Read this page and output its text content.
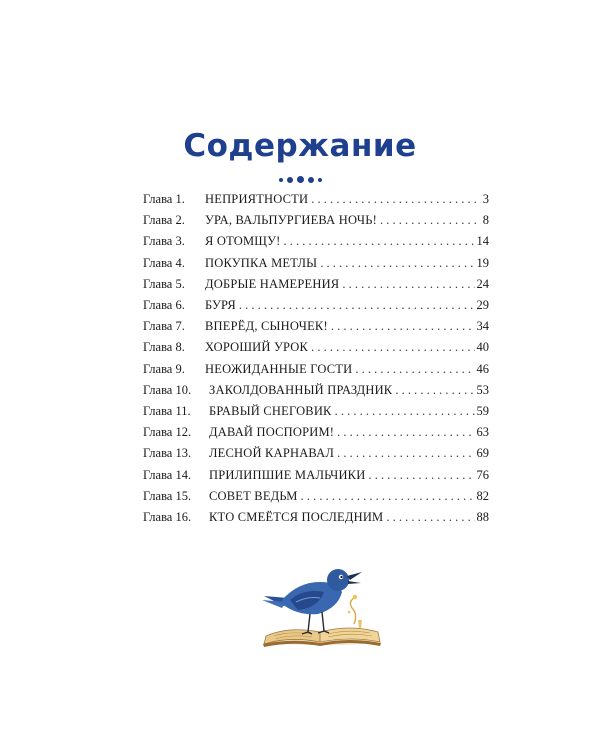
Содержание
Глава 1.	НЕПРИЯТНОСТИ . . .	3
Глава 2.	УРА, ВАЛЬПУРГИЕВА НОЧЬ! . . .	8
Глава 3.	Я ОТОМЩУ! . . .	14
Глава 4.	ПОКУПКА МЕТЛЫ . . .	19
Глава 5.	ДОБРЫЕ НАМЕРЕНИЯ . . .	24
Глава 6.	БУРЯ . . .	29
Глава 7.	ВПЕРЁД, СЫНОЧЕК! . . .	34
Глава 8.	ХОРОШИЙ УРОК . . .	40
Глава 9.	НЕОЖИДАННЫЕ ГОСТИ . . .	46
Глава 10.	ЗАКОЛДОВАННЫЙ ПРАЗДНИК . . .	53
Глава 11.	БРАВЫЙ СНЕГОВИК . . .	59
Глава 12.	ДАВАЙ ПОСПОРИМ! . . .	63
Глава 13.	ЛЕСНОЙ КАРНАВАЛ . . .	69
Глава 14.	ПРИЛИПШИЕ МАЛЬЧИКИ . . .	76
Глава 15.	СОВЕТ ВЕДЬМ . . .	82
Глава 16.	КТО СМЕЁТСЯ ПОСЛЕДНИМ . . .	88
